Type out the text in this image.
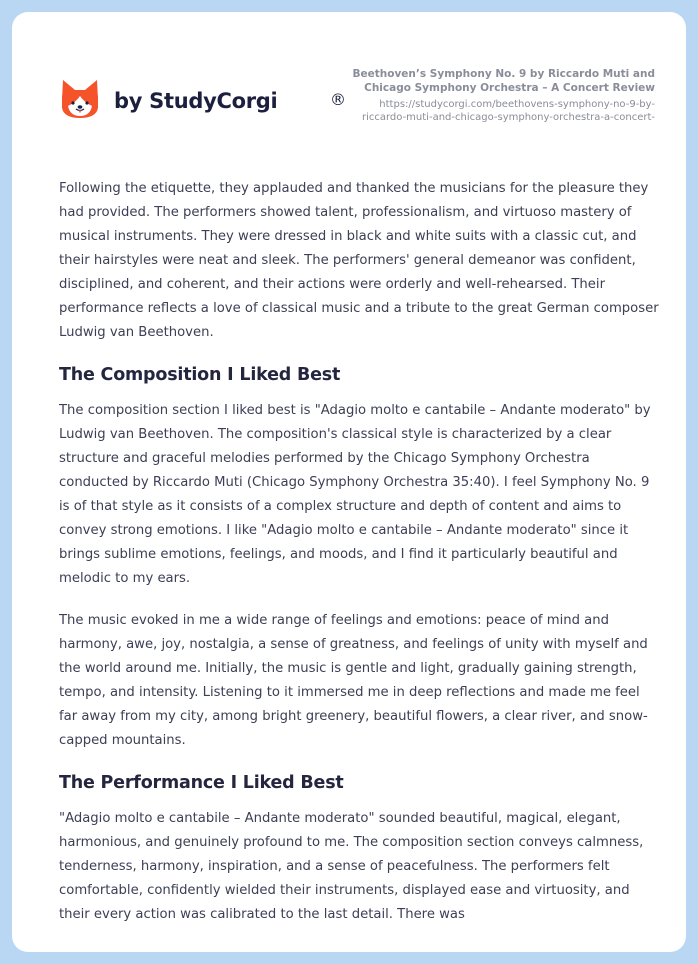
by StudyCorgi	®
Beethoven’s Symphony No. 9 by Riccardo Muti and
Chicago Symphony Orchestra – A Concert Review
https://studycorgi.com/beethovens-symphony-no-9-by-
riccardo-muti-and-chicago-symphony-orchestra-a-concert-

Following the etiquette, they applauded and thanked the musicians for the pleasure they had provided. The performers showed talent, professionalism, and virtuoso mastery of musical instruments. They were dressed in black and white suits with a classic cut, and their hairstyles were neat and sleek. The performers' general demeanor was confident, disciplined, and coherent, and their actions were orderly and well-rehearsed. Their performance reflects a love of classical music and a tribute to the great German composer Ludwig van Beethoven.

The Composition I Liked Best

The composition section I liked best is "Adagio molto e cantabile – Andante moderato" by Ludwig van Beethoven. The composition's classical style is characterized by a clear structure and graceful melodies performed by the Chicago Symphony Orchestra conducted by Riccardo Muti (Chicago Symphony Orchestra 35:40). I feel Symphony No. 9 is of that style as it consists of a complex structure and depth of content and aims to convey strong emotions. I like "Adagio molto e cantabile – Andante moderato" since it brings sublime emotions, feelings, and moods, and I find it particularly beautiful and melodic to my ears.

The music evoked in me a wide range of feelings and emotions: peace of mind and harmony, awe, joy, nostalgia, a sense of greatness, and feelings of unity with myself and the world around me. Initially, the music is gentle and light, gradually gaining strength, tempo, and intensity. Listening to it immersed me in deep reflections and made me feel far away from my city, among bright greenery, beautiful flowers, a clear river, and snow-capped mountains.

The Performance I Liked Best

"Adagio molto e cantabile – Andante moderato" sounded beautiful, magical, elegant, harmonious, and genuinely profound to me. The composition section conveys calmness, tenderness, harmony, inspiration, and a sense of peacefulness. The performers felt comfortable, confidently wielded their instruments, displayed ease and virtuosity, and their every action was calibrated to the last detail. There was
